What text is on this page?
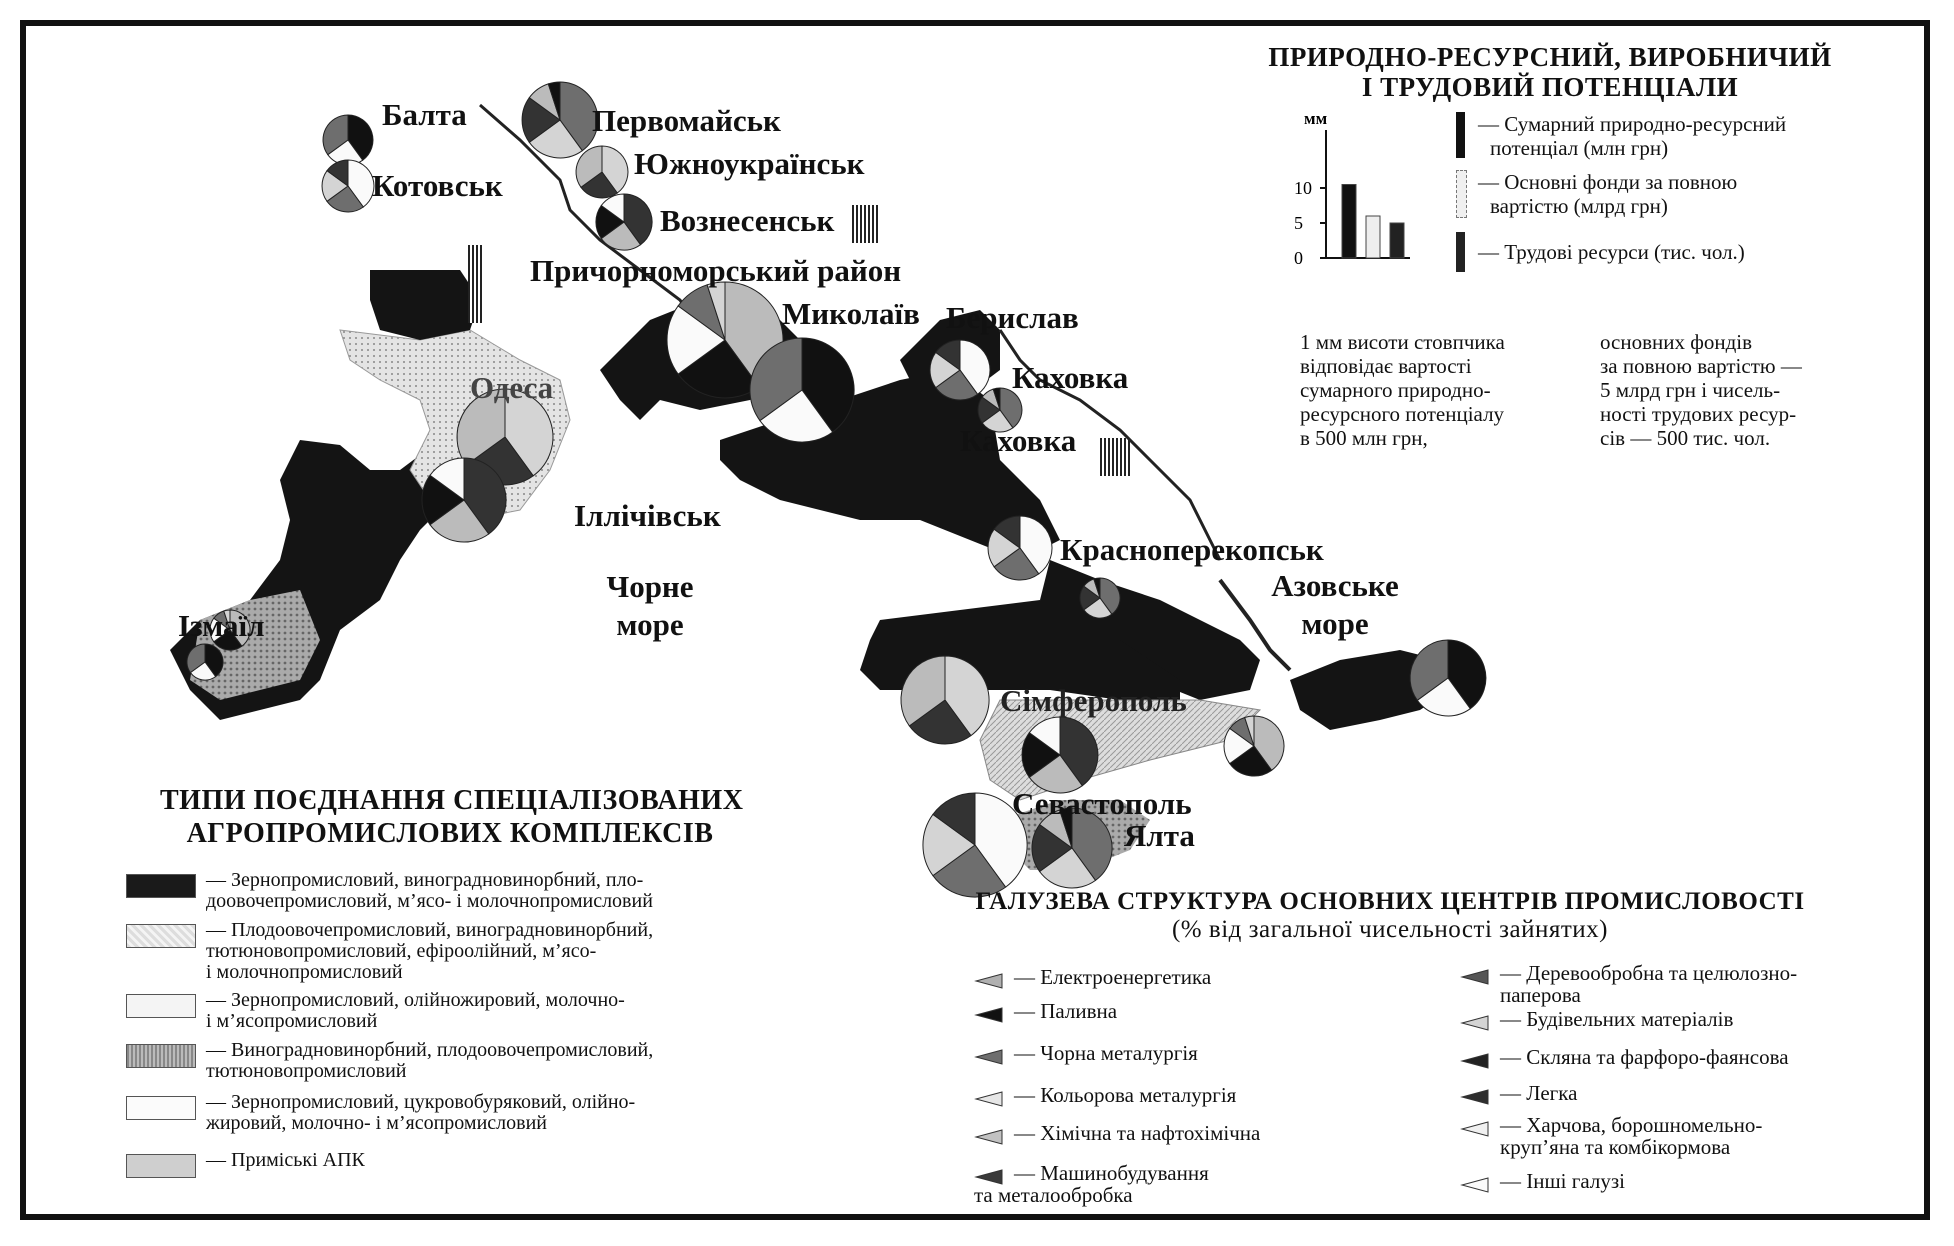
Балта
Котовськ
Первомайськ
Южноукраїнськ
Вознесенськ
Причорноморський район
Миколаїв Берислав
Каховка
Каховка
Одеса
Іллічівськ
Ізмаїл
Красноперекопськ
Сімферополь
Севастополь
Ялта
Чорне
море
Азовське
море
ПРИРОДНО-РЕСУРСНИЙ, ВИРОБНИЧИЙ
І ТРУДОВИЙ ПОТЕНЦІАЛИ
мм
10
5
0
— Сумарний природно-ресурсний
потенціал (млн грн)
— Основні фонди за повною
вартістю (млрд грн)
— Трудові ресурси (тис. чол.)
1 мм висоти стовпчика
відповідає вартості
сумарного природно-
ресурсного потенціалу
в 500 млн грн,
основних фондів
за повною вартістю —
5 млрд грн і чисель-
ності трудових ресур-
сів — 500 тис. чол.
ТИПИ ПОЄДНАННЯ СПЕЦІАЛІЗОВАНИХ
АГРОПРОМИСЛОВИХ КОМПЛЕКСІВ
— Зернопромисловий, виноградновинорбний, пло-
доовочепромисловий, м’ясо- і молочнопромисловий
— Плодоовочепромисловий, виноградновинорбний,
тютюновопромисловий, ефіроолійний, м’ясо-
і молочнопромисловий
— Зернопромисловий, олійножировий, молочно-
і м’ясопромисловий
— Виноградновинорбний, плодоовочепромисловий,
тютюновопромисловий
— Зернопромисловий, цукровобуряковий, олійно-
жировий, молочно- і м’ясопромисловий
— Приміські АПК
ГАЛУЗЕВА СТРУКТУРА ОСНОВНИХ ЦЕНТРІВ ПРОМИСЛОВОСТІ
(% від загальної чисельності зайнятих)
— Електроенергетика
— Паливна
— Чорна металургія
— Кольорова металургія
— Хімічна та нафтохімічна
— Машинобудування
та металообробка
— Деревообробна та целюлозно-
паперова
— Будівельних матеріалів
— Скляна та фарфоро-фаянсова
— Легка
— Харчова, борошномельно-
круп’яна та комбікормова
— Інші галузі
